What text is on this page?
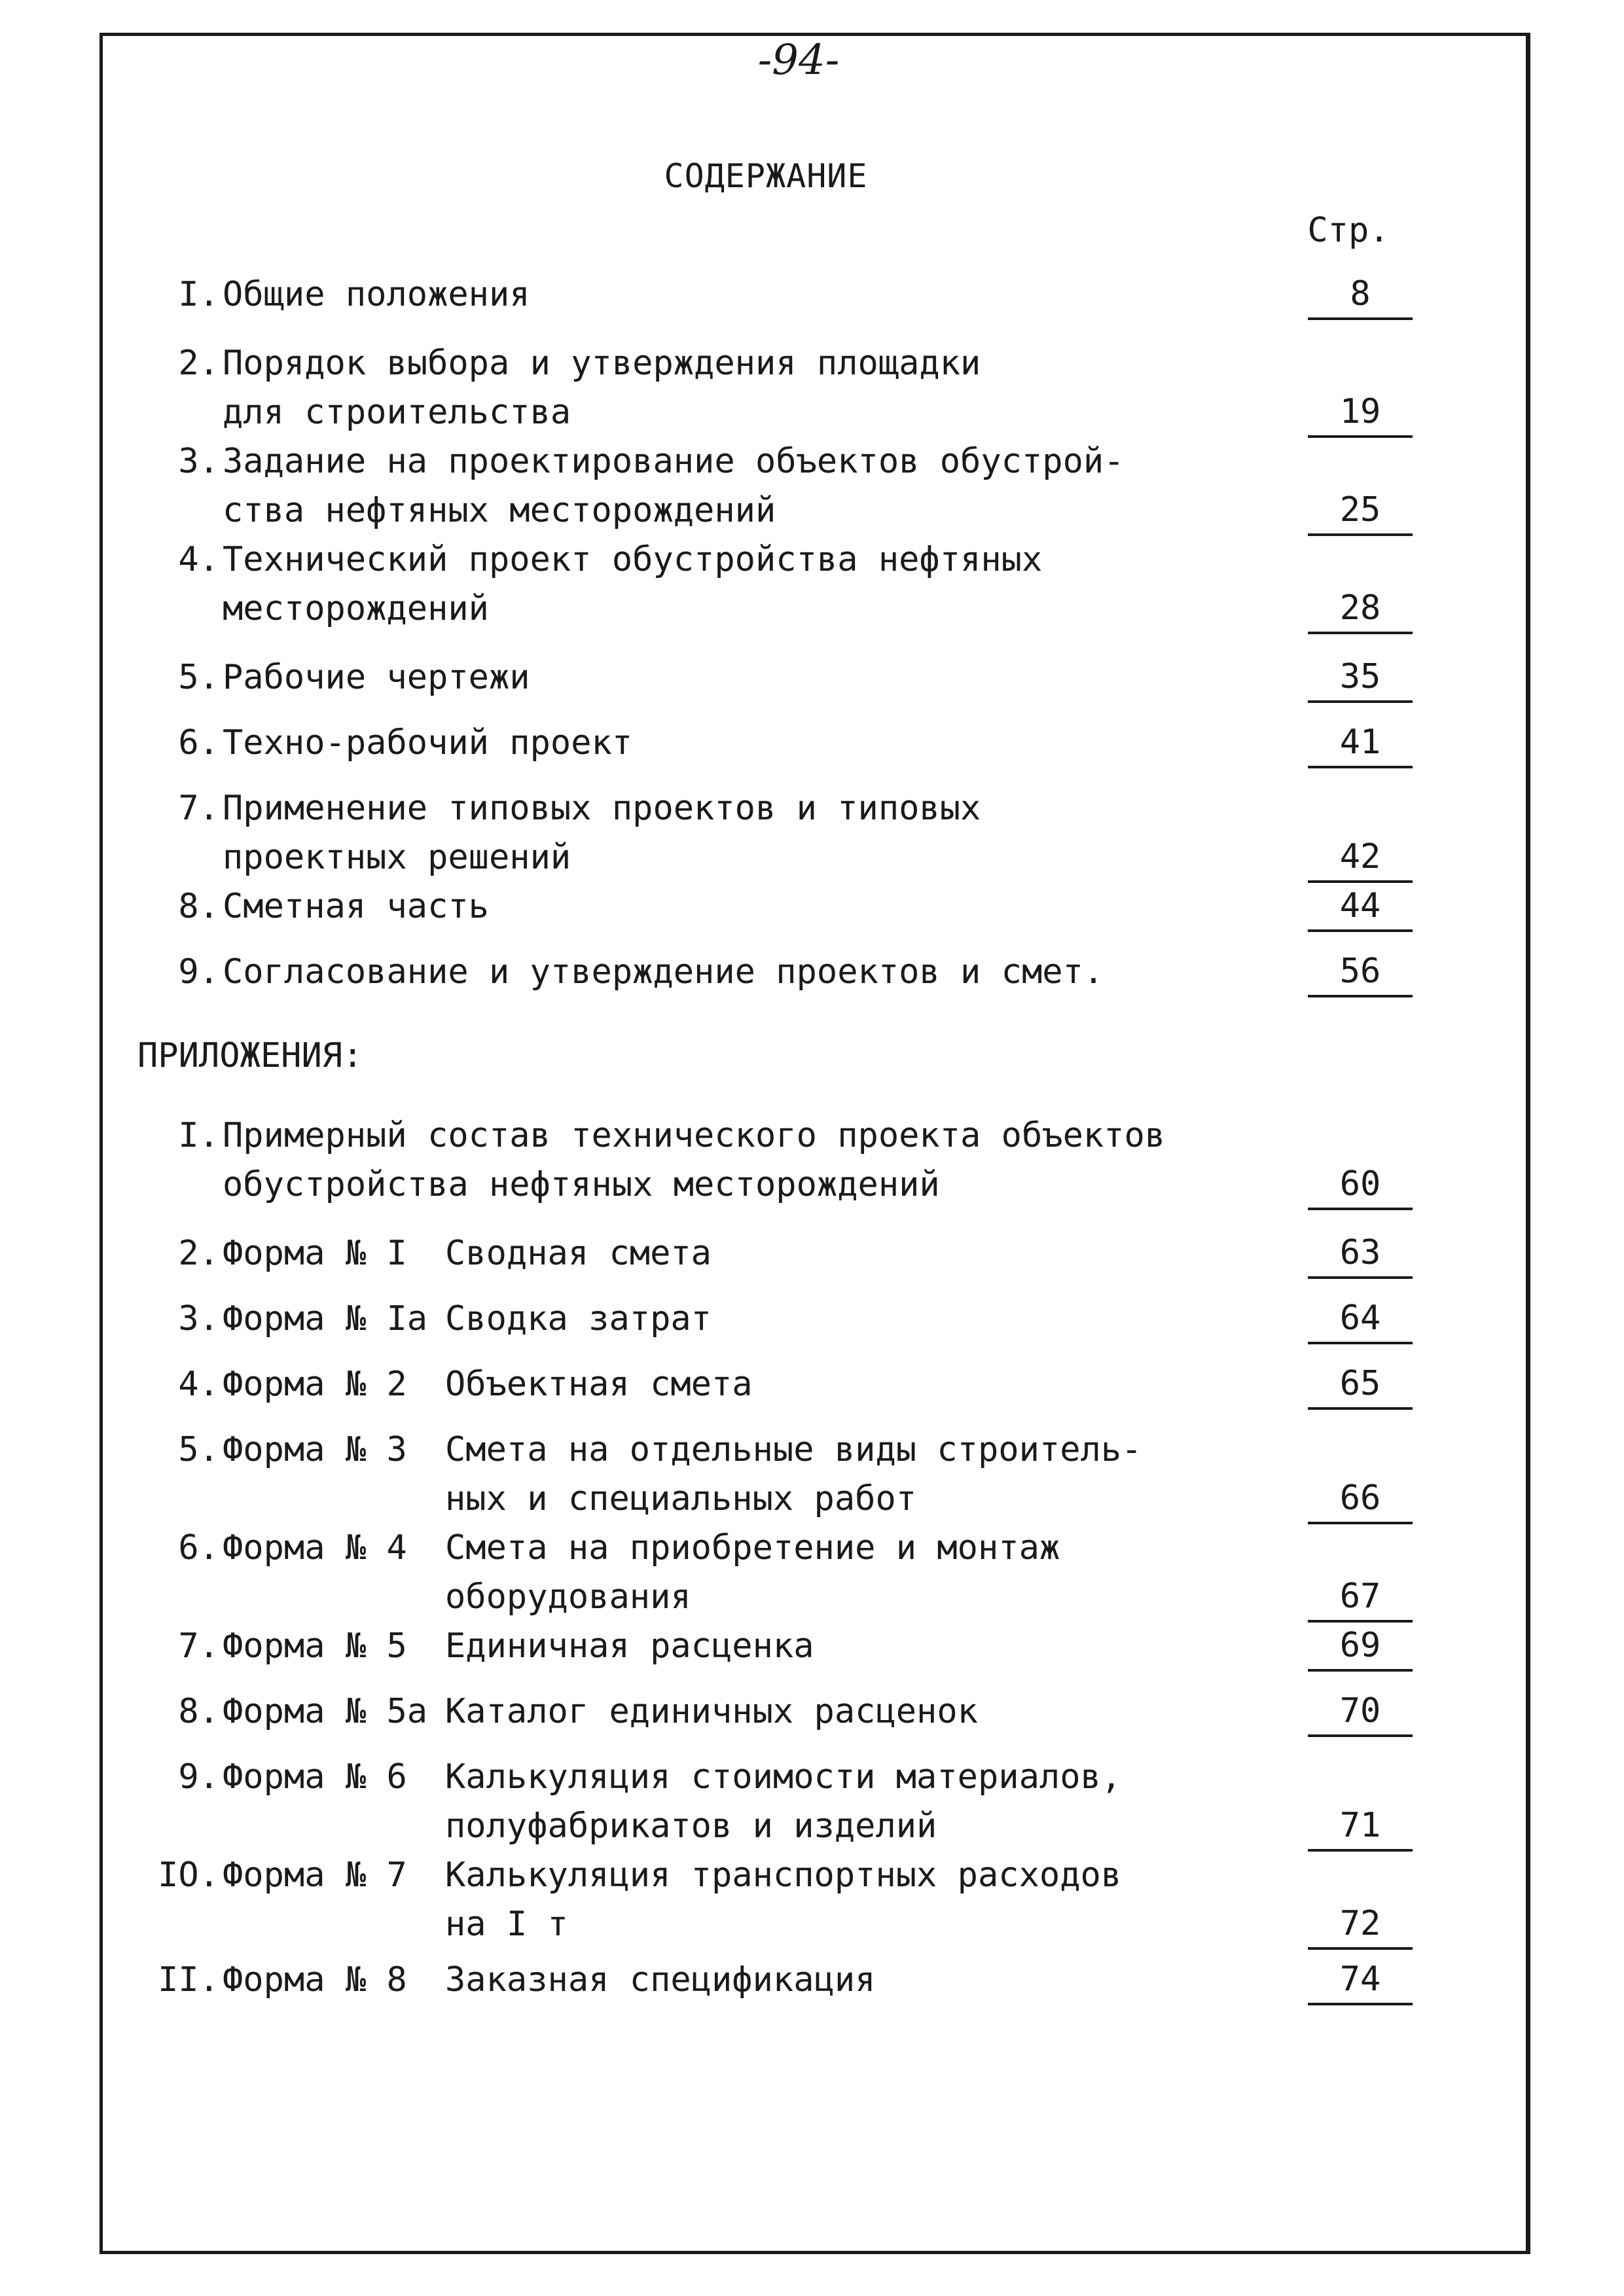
-94-
СОДЕРЖАНИЕ
Стр.
I. Общие положения	8
2. Порядок выбора и утверждения площадки
для строительства	19
3. Задание на проектирование объектов обустрой-
ства нефтяных месторождений	25
4. Технический проект обустройства нефтяных
месторождений	28
5. Рабочие чертежи	35
6. Техно-рабочий проект	41
7. Применение типовых проектов и типовых
проектных решений	42
8. Сметная часть	44
9. Согласование и утверждение проектов и смет.	56
ПРИЛОЖЕНИЯ:
I. Примерный состав технического проекта объектов
обустройства нефтяных месторождений	60
2. Форма № I Сводная смета	63
3. Форма № Iа Сводка затрат	64
4. Форма № 2 Объектная смета	65
5. Форма № 3 Смета на отдельные виды строитель-
ных и специальных работ	66
6. Форма № 4 Смета на приобретение и монтаж
оборудования	67
7. Форма № 5 Единичная расценка	69
8. Форма № 5а Каталог единичных расценок	70
9. Форма № 6 Калькуляция стоимости материалов,
полуфабрикатов и изделий	71
IO. Форма № 7 Калькуляция транспортных расходов
на I т	72
II. Форма № 8 Заказная спецификация	74
